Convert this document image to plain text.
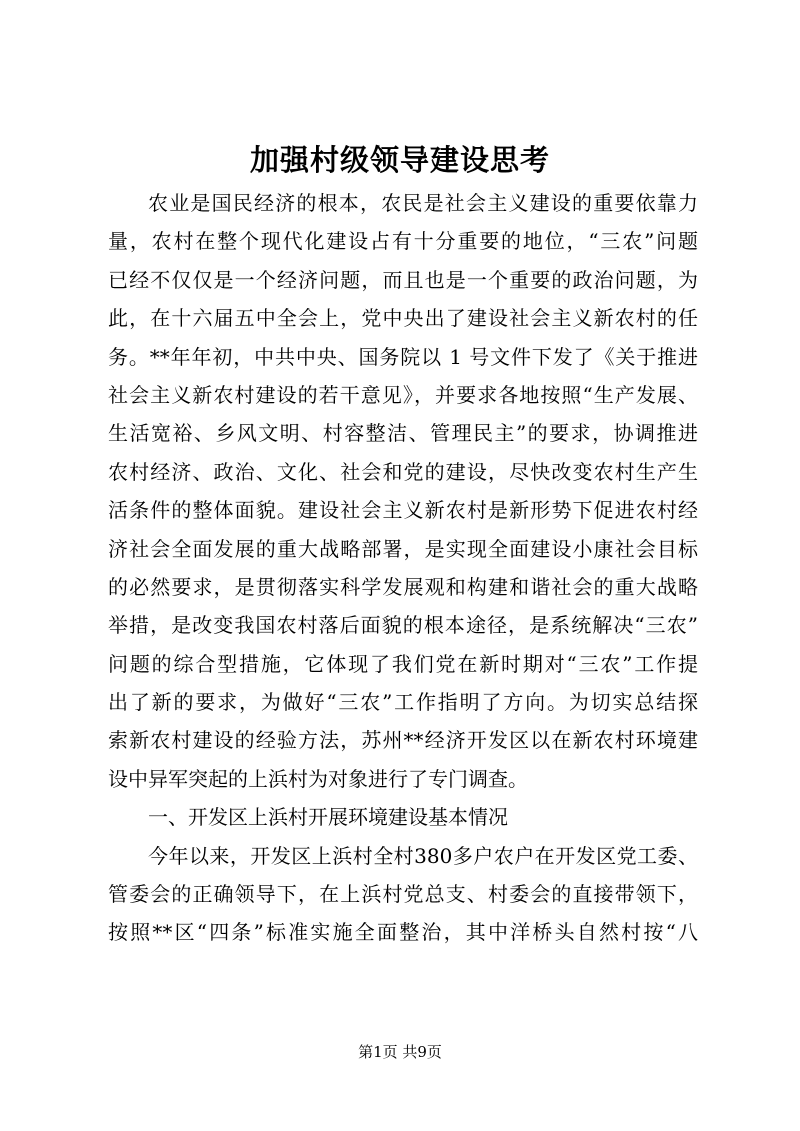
加强村级领导建设思考
农业是国民经济的根本，农民是社会主义建设的重要依靠力
量，农村在整个现代化建设占有十分重要的地位，“三农”问题
已经不仅仅是一个经济问题，而且也是一个重要的政治问题，为
此，在十六届五中全会上，党中央出了建设社会主义新农村的任
务。**年年初，中共中央、国务院以 1 号文件下发了《关于推进
社会主义新农村建设的若干意见》，并要求各地按照“生产发展、
生活宽裕、乡风文明、村容整洁、管理民主”的要求，协调推进
农村经济、政治、文化、社会和党的建设，尽快改变农村生产生
活条件的整体面貌。建设社会主义新农村是新形势下促进农村经
济社会全面发展的重大战略部署，是实现全面建设小康社会目标
的必然要求，是贯彻落实科学发展观和构建和谐社会的重大战略
举措，是改变我国农村落后面貌的根本途径，是系统解决“三农”
问题的综合型措施，它体现了我们党在新时期对“三农”工作提
出了新的要求，为做好“三农”工作指明了方向。为切实总结探
索新农村建设的经验方法，苏州**经济开发区以在新农村环境建
设中异军突起的上浜村为对象进行了专门调查。
一、开发区上浜村开展环境建设基本情况
今年以来，开发区上浜村全村380多户农户在开发区党工委、
管委会的正确领导下，在上浜村党总支、村委会的直接带领下，
按照**区“四条”标准实施全面整治，其中洋桥头自然村按“八
第1页 共9页
